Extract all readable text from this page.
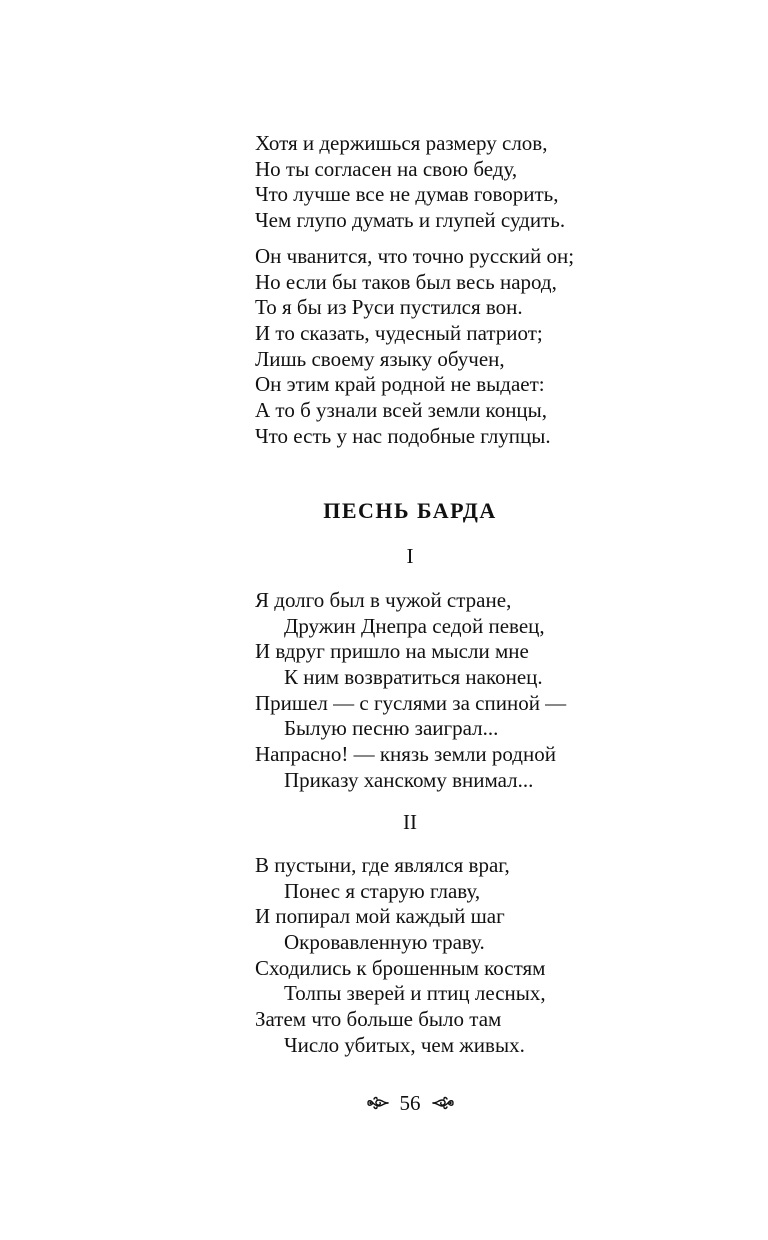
Хотя и держишься размеру слов,
Но ты согласен на свою беду,
Что лучше все не думав говорить,
Чем глупо думать и глупей судить.
Он чванится, что точно русский он;
Но если бы таков был весь народ,
То я бы из Руси пустился вон.
И то сказать, чудесный патриот;
Лишь своему языку обучен,
Он этим край родной не выдает:
А то б узнали всей земли концы,
Что есть у нас подобные глупцы.
ПЕСНЬ БАРДА
I
Я долго был в чужой стране,
Дружин Днепра седой певец,
И вдруг пришло на мысли мне
К ним возвратиться наконец.
Пришел — с гуслями за спиной —
Былую песню заиграл...
Напрасно! — князь земли родной
Приказу ханскому внимал...
II
В пустыни, где являлся враг,
Понес я старую главу,
И попирал мой каждый шаг
Окровавленную траву.
Сходились к брошенным костям
Толпы зверей и птиц лесных,
Затем что больше было там
Число убитых, чем живых.
56
